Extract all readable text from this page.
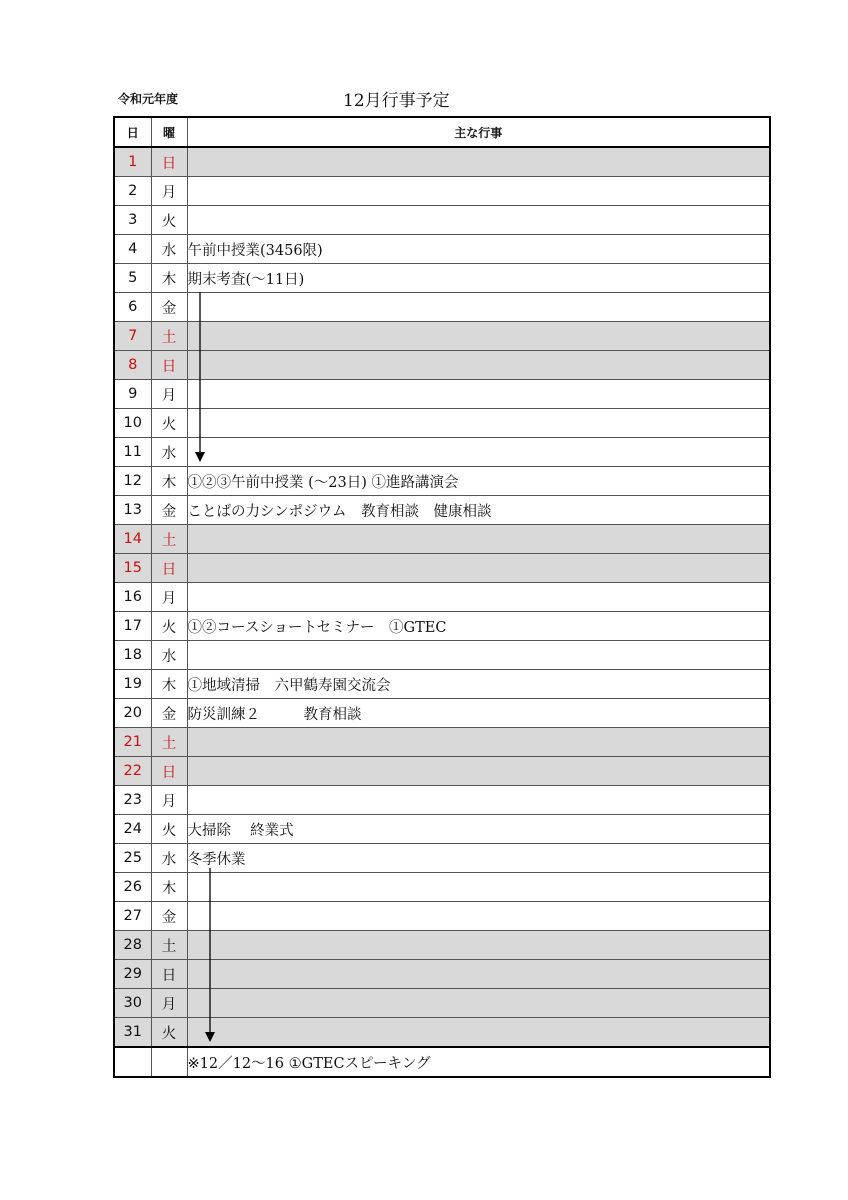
令和元年度	12月行事予定
日	曜	主な行事
1	日	
2	月	
3	火	
4	水	午前中授業(3456限)
5	木	期末考査(～11日)
6	金	
7	土	
8	日	
9	月	
10	火	
11	水	
12	木	①②③午前中授業 (～23日) ①進路講演会
13	金	ことばの力シンポジウム　教育相談　健康相談
14	土	
15	日	
16	月	
17	火	①②コースショートセミナー　①GTEC
18	水	
19	木	①地域清掃　六甲鶴寿園交流会
20	金	防災訓練２　　　教育相談
21	土	
22	日	
23	月	
24	火	大掃除　 終業式
25	水	冬季休業
26	木	
27	金	
28	土	
29	日	
30	月	
31	火	
		※12／12～16 ①GTECスピーキング
